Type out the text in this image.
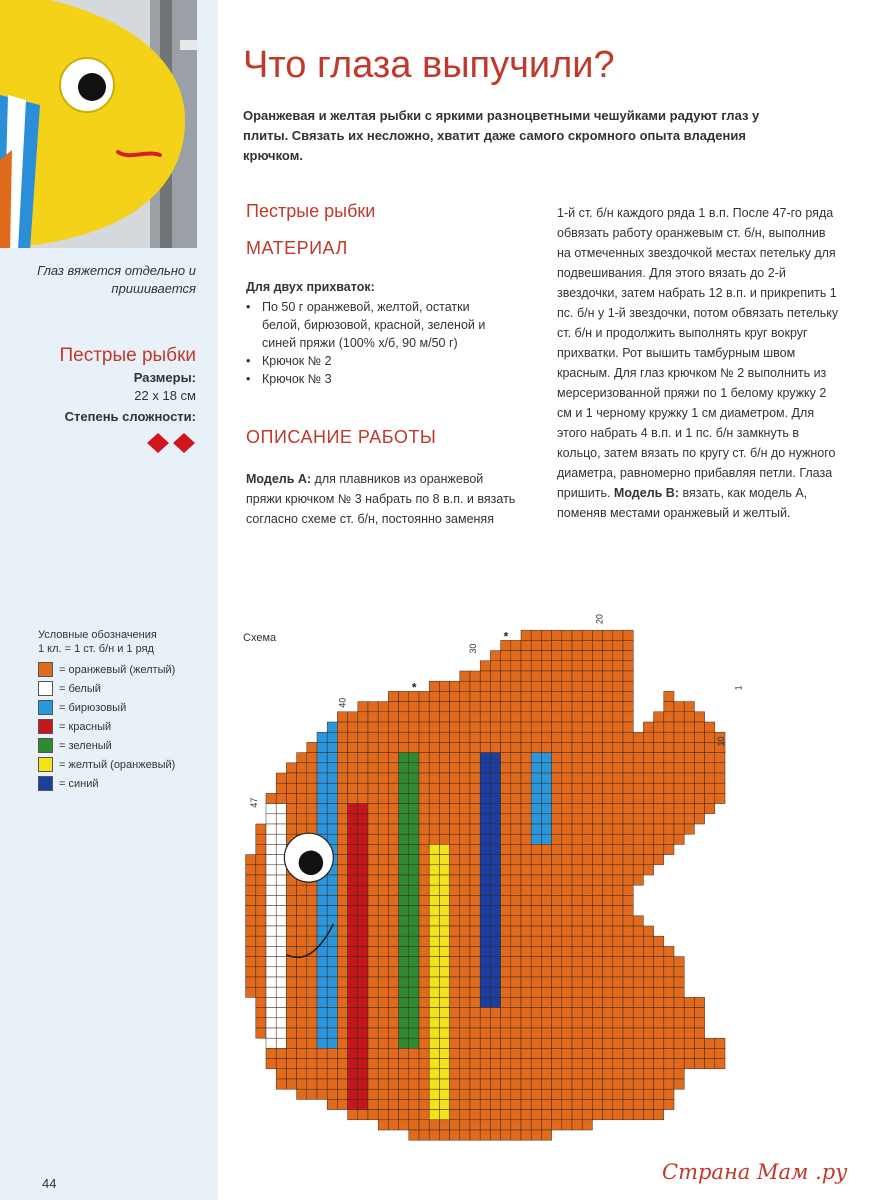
Глаз вяжется отдельно и пришивается
Пестрые рыбки
Размеры:
22 x 18 см
Степень сложности:
Условные обозначения
1 кл. = 1 ст. б/н и 1 ряд
= оранжевый (желтый)
= белый
= бирюзовый
= красный
= зеленый
= желтый (оранжевый)
= синий
Что глаза выпучили?
Оранжевая и желтая рыбки с яркими разноцветными чешуйками радуют глаз у плиты. Связать их несложно, хватит даже самого скромного опыта владения крючком.
Пестрые рыбки
МАТЕРИАЛ
Для двух прихваток:
• По 50 г оранжевой, желтой, остатки белой, бирюзовой, красной, зеленой и синей пряжи (100% х/б, 90 м/50 г)
• Крючок № 2
• Крючок № 3
ОПИСАНИЕ РАБОТЫ
Модель А: для плавников из оранжевой пряжи крючком № 3 набрать по 8 в.п. и вязать согласно схеме ст. б/н, постоянно заменяя
1-й ст. б/н каждого ряда 1 в.п. После 47-го ряда обвязать работу оранжевым ст. б/н, выполнив на отмеченных звездочкой местах петельку для подвешивания. Для этого вязать до 2-й звездочки, затем набрать 12 в.п. и прикрепить 1 пс. б/н у 1-й звездочки, потом обвязать петельку ст. б/н и продолжить выполнять круг вокруг прихватки. Рот вышить тамбурным швом красным. Для глаз крючком № 2 выполнить из мерсеризованной пряжи по 1 белому кружку 2 см и 1 черному кружку 1 см диаметром. Для этого набрать 4 в.п. и 1 пс. б/н замкнуть в кольцо, затем вязать по кругу ст. б/н до нужного диаметра, равномерно прибавляя петли. Глаза пришить. Модель В: вязать, как модель А, поменяв местами оранжевый и желтый.
Схема
1
10
20
30
40
47
*
*
44	Страна Мам .ру
